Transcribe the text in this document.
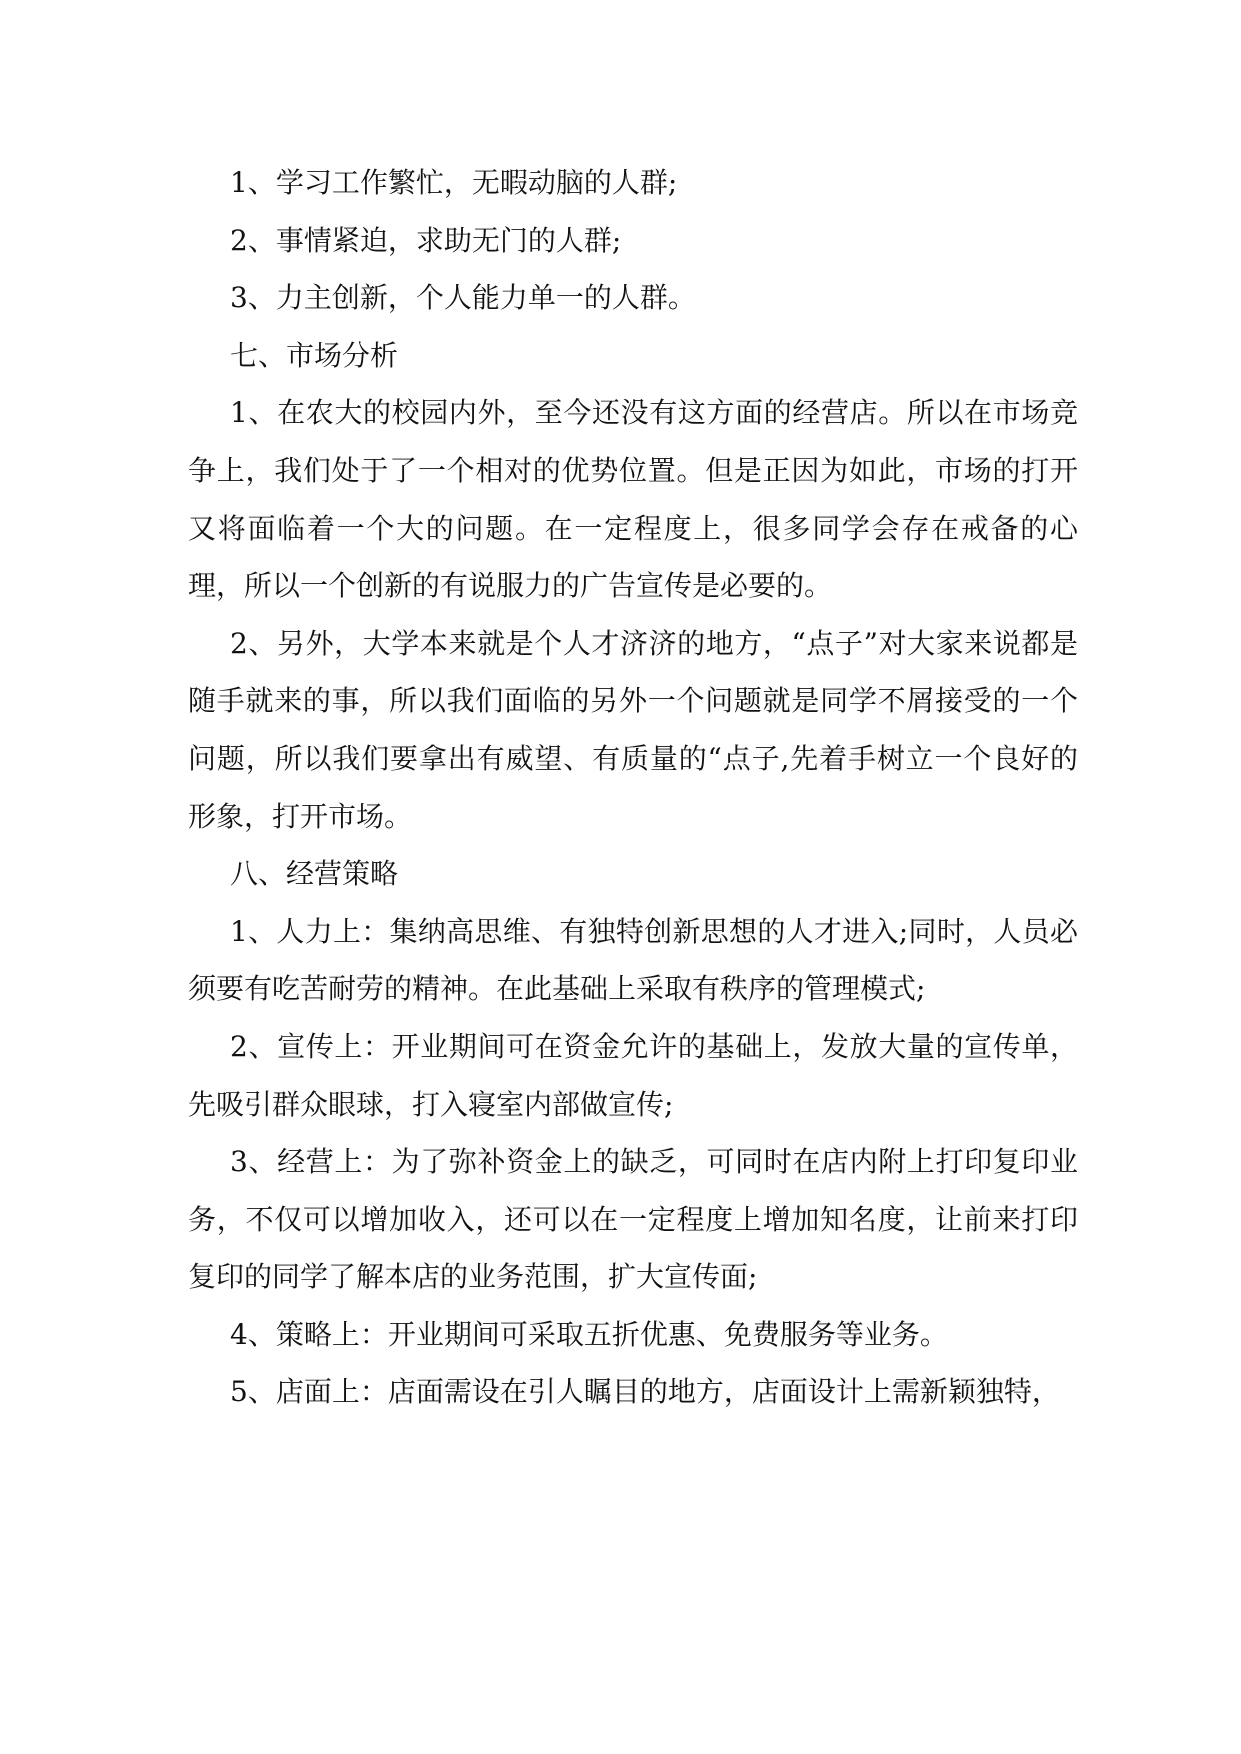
1、学习工作繁忙，无暇动脑的人群;

2、事情紧迫，求助无门的人群;

3、力主创新，个人能力单一的人群。

七、市场分析

1、在农大的校园内外，至今还没有这方面的经营店。所以在市场竞争上，我们处于了一个相对的优势位置。但是正因为如此，市场的打开又将面临着一个大的问题。在一定程度上，很多同学会存在戒备的心理，所以一个创新的有说服力的广告宣传是必要的。

2、另外，大学本来就是个人才济济的地方，“点子”对大家来说都是随手就来的事，所以我们面临的另外一个问题就是同学不屑接受的一个问题，所以我们要拿出有威望、有质量的“点子,先着手树立一个良好的形象，打开市场。

八、经营策略

1、人力上：集纳高思维、有独特创新思想的人才进入;同时，人员必须要有吃苦耐劳的精神。在此基础上采取有秩序的管理模式;

2、宣传上：开业期间可在资金允许的基础上，发放大量的宣传单，先吸引群众眼球，打入寝室内部做宣传;

3、经营上：为了弥补资金上的缺乏，可同时在店内附上打印复印业务，不仅可以增加收入，还可以在一定程度上增加知名度，让前来打印复印的同学了解本店的业务范围，扩大宣传面;

4、策略上：开业期间可采取五折优惠、免费服务等业务。

5、店面上：店面需设在引人瞩目的地方，店面设计上需新颖独特，
